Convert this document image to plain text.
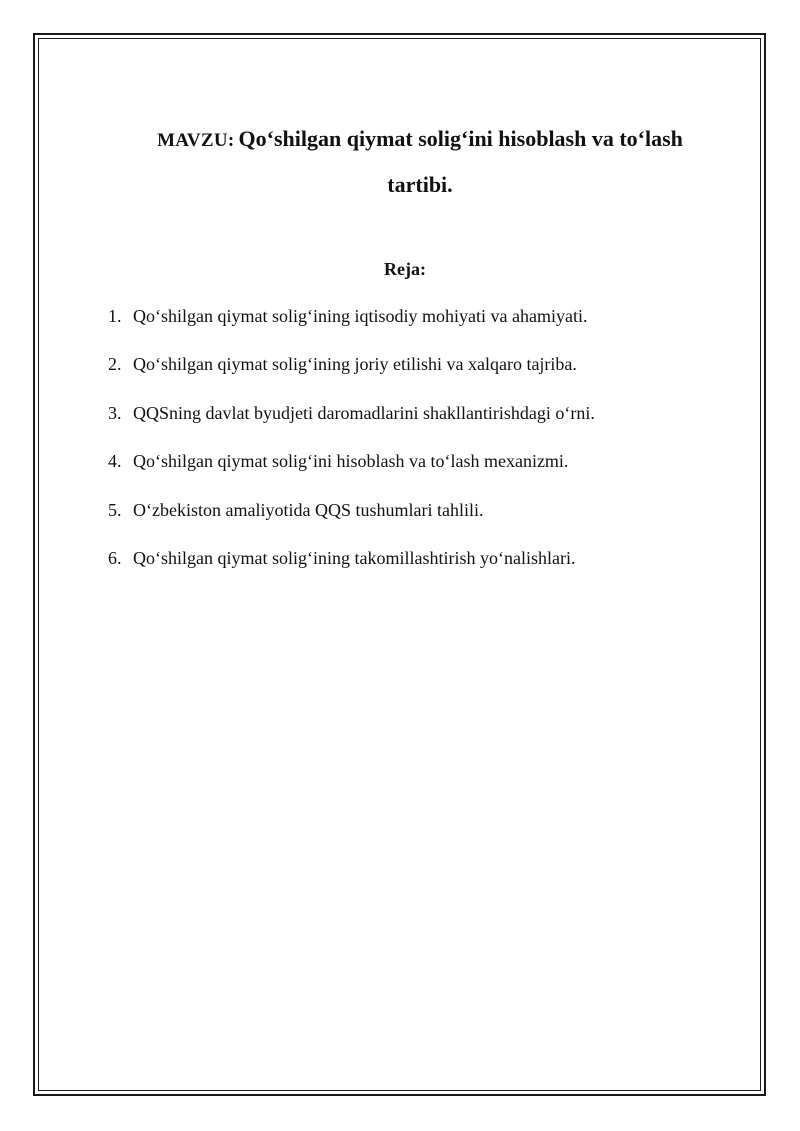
MAVZU: Qo‘shilgan qiymat solig‘ini hisoblash va to‘lash
tartibi.
Reja:
1. Qo‘shilgan qiymat solig‘ining iqtisodiy mohiyati va ahamiyati.
2. Qo‘shilgan qiymat solig‘ining joriy etilishi va xalqaro tajriba.
3. QQSning davlat byudjeti daromadlarini shakllantirishdagi o‘rni.
4. Qo‘shilgan qiymat solig‘ini hisoblash va to‘lash mexanizmi.
5. O‘zbekiston amaliyotida QQS tushumlari tahlili.
6. Qo‘shilgan qiymat solig‘ining takomillashtirish yo‘nalishlari.
